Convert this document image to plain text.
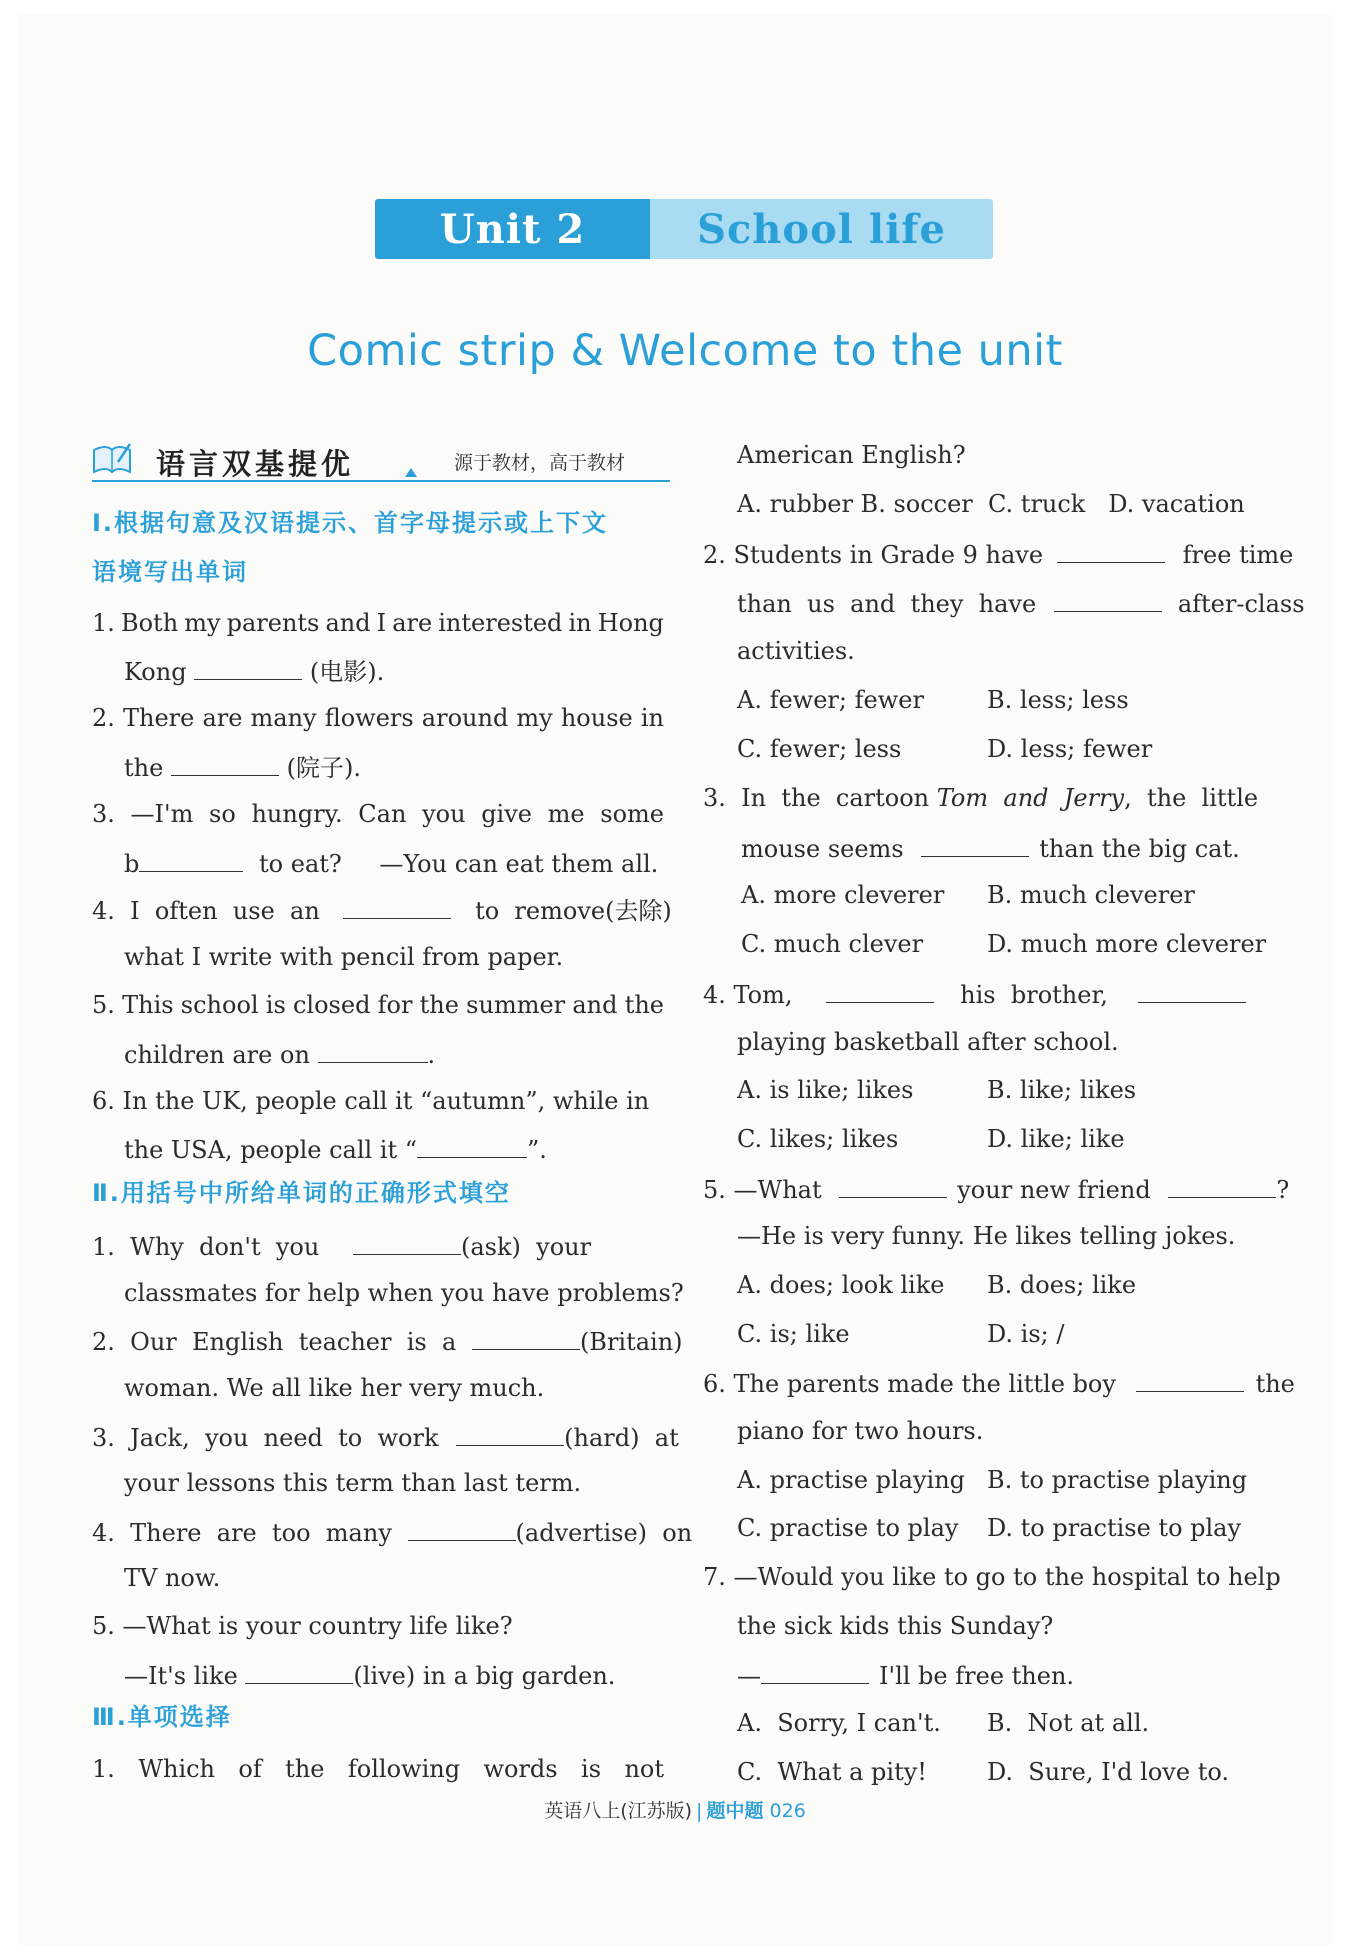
Unit 2	School life
Comic strip & Welcome to the unit
语言双基提优	源于教材，高于教材
Ⅰ.根据句意及汉语提示、首字母提示或上下文
语境写出单词
1. Both my parents and I are interested in Hong
Kong	(电影).
2. There are many flowers around my house in
the	(院子).
3. —I'm so hungry. Can you give me some
b	to eat? —You can eat them all.
4.  I  often  use  an	to  remove(去除)
what I write with pencil from paper.
5. This school is closed for the summer and the
children are on	.
6. In the UK, people call it “autumn”, while in
the USA, people call it “	”.
Ⅱ.用括号中所给单词的正确形式填空
1.  Why  don't  you	(ask)  your
classmates for help when you have problems?
2.  Our  English  teacher  is  a	(Britain)
woman. We all like her very much.
3.  Jack,  you  need  to  work	(hard)  at
your lessons this term than last term.
4.  There  are  too  many	(advertise)  on
TV now.
5. —What is your country life like?
—It's like	(live) in a big garden.
Ⅲ.单项选择
1. Which of the following words is not
American English?
A. rubber B. soccer  C. truck   D. vacation
2. Students in Grade 9 have	free time
than  us  and  they  have	after-class
activities.
A. fewer; fewer	B. less; less
C. fewer; less	D. less; fewer
3.  In  the  cartoon Tom  and  Jerry,  the  little
mouse seems	than the big cat.
A. more cleverer B. much cleverer
C. much clever	D. much more cleverer
4. Tom,	his  brother,
playing basketball after school.
A. is like; likes	B. like; likes
C. likes; likes	D. like; like
5. —What	your new friend	?
—He is very funny. He likes telling jokes.
A. does; look like B. does; like
C. is; like	D. is; /
6. The parents made the little boy	the
piano for two hours.
A. practise playing B. to practise playing
C. practise to play D. to practise to play
7. —Would you like to go to the hospital to help
the sick kids this Sunday?
—	I'll be free then.
A.  Sorry, I can't. B.  Not at all.
C.  What a pity!	D.  Sure, I'd love to.
英语八上(江苏版) | 题中题 026
